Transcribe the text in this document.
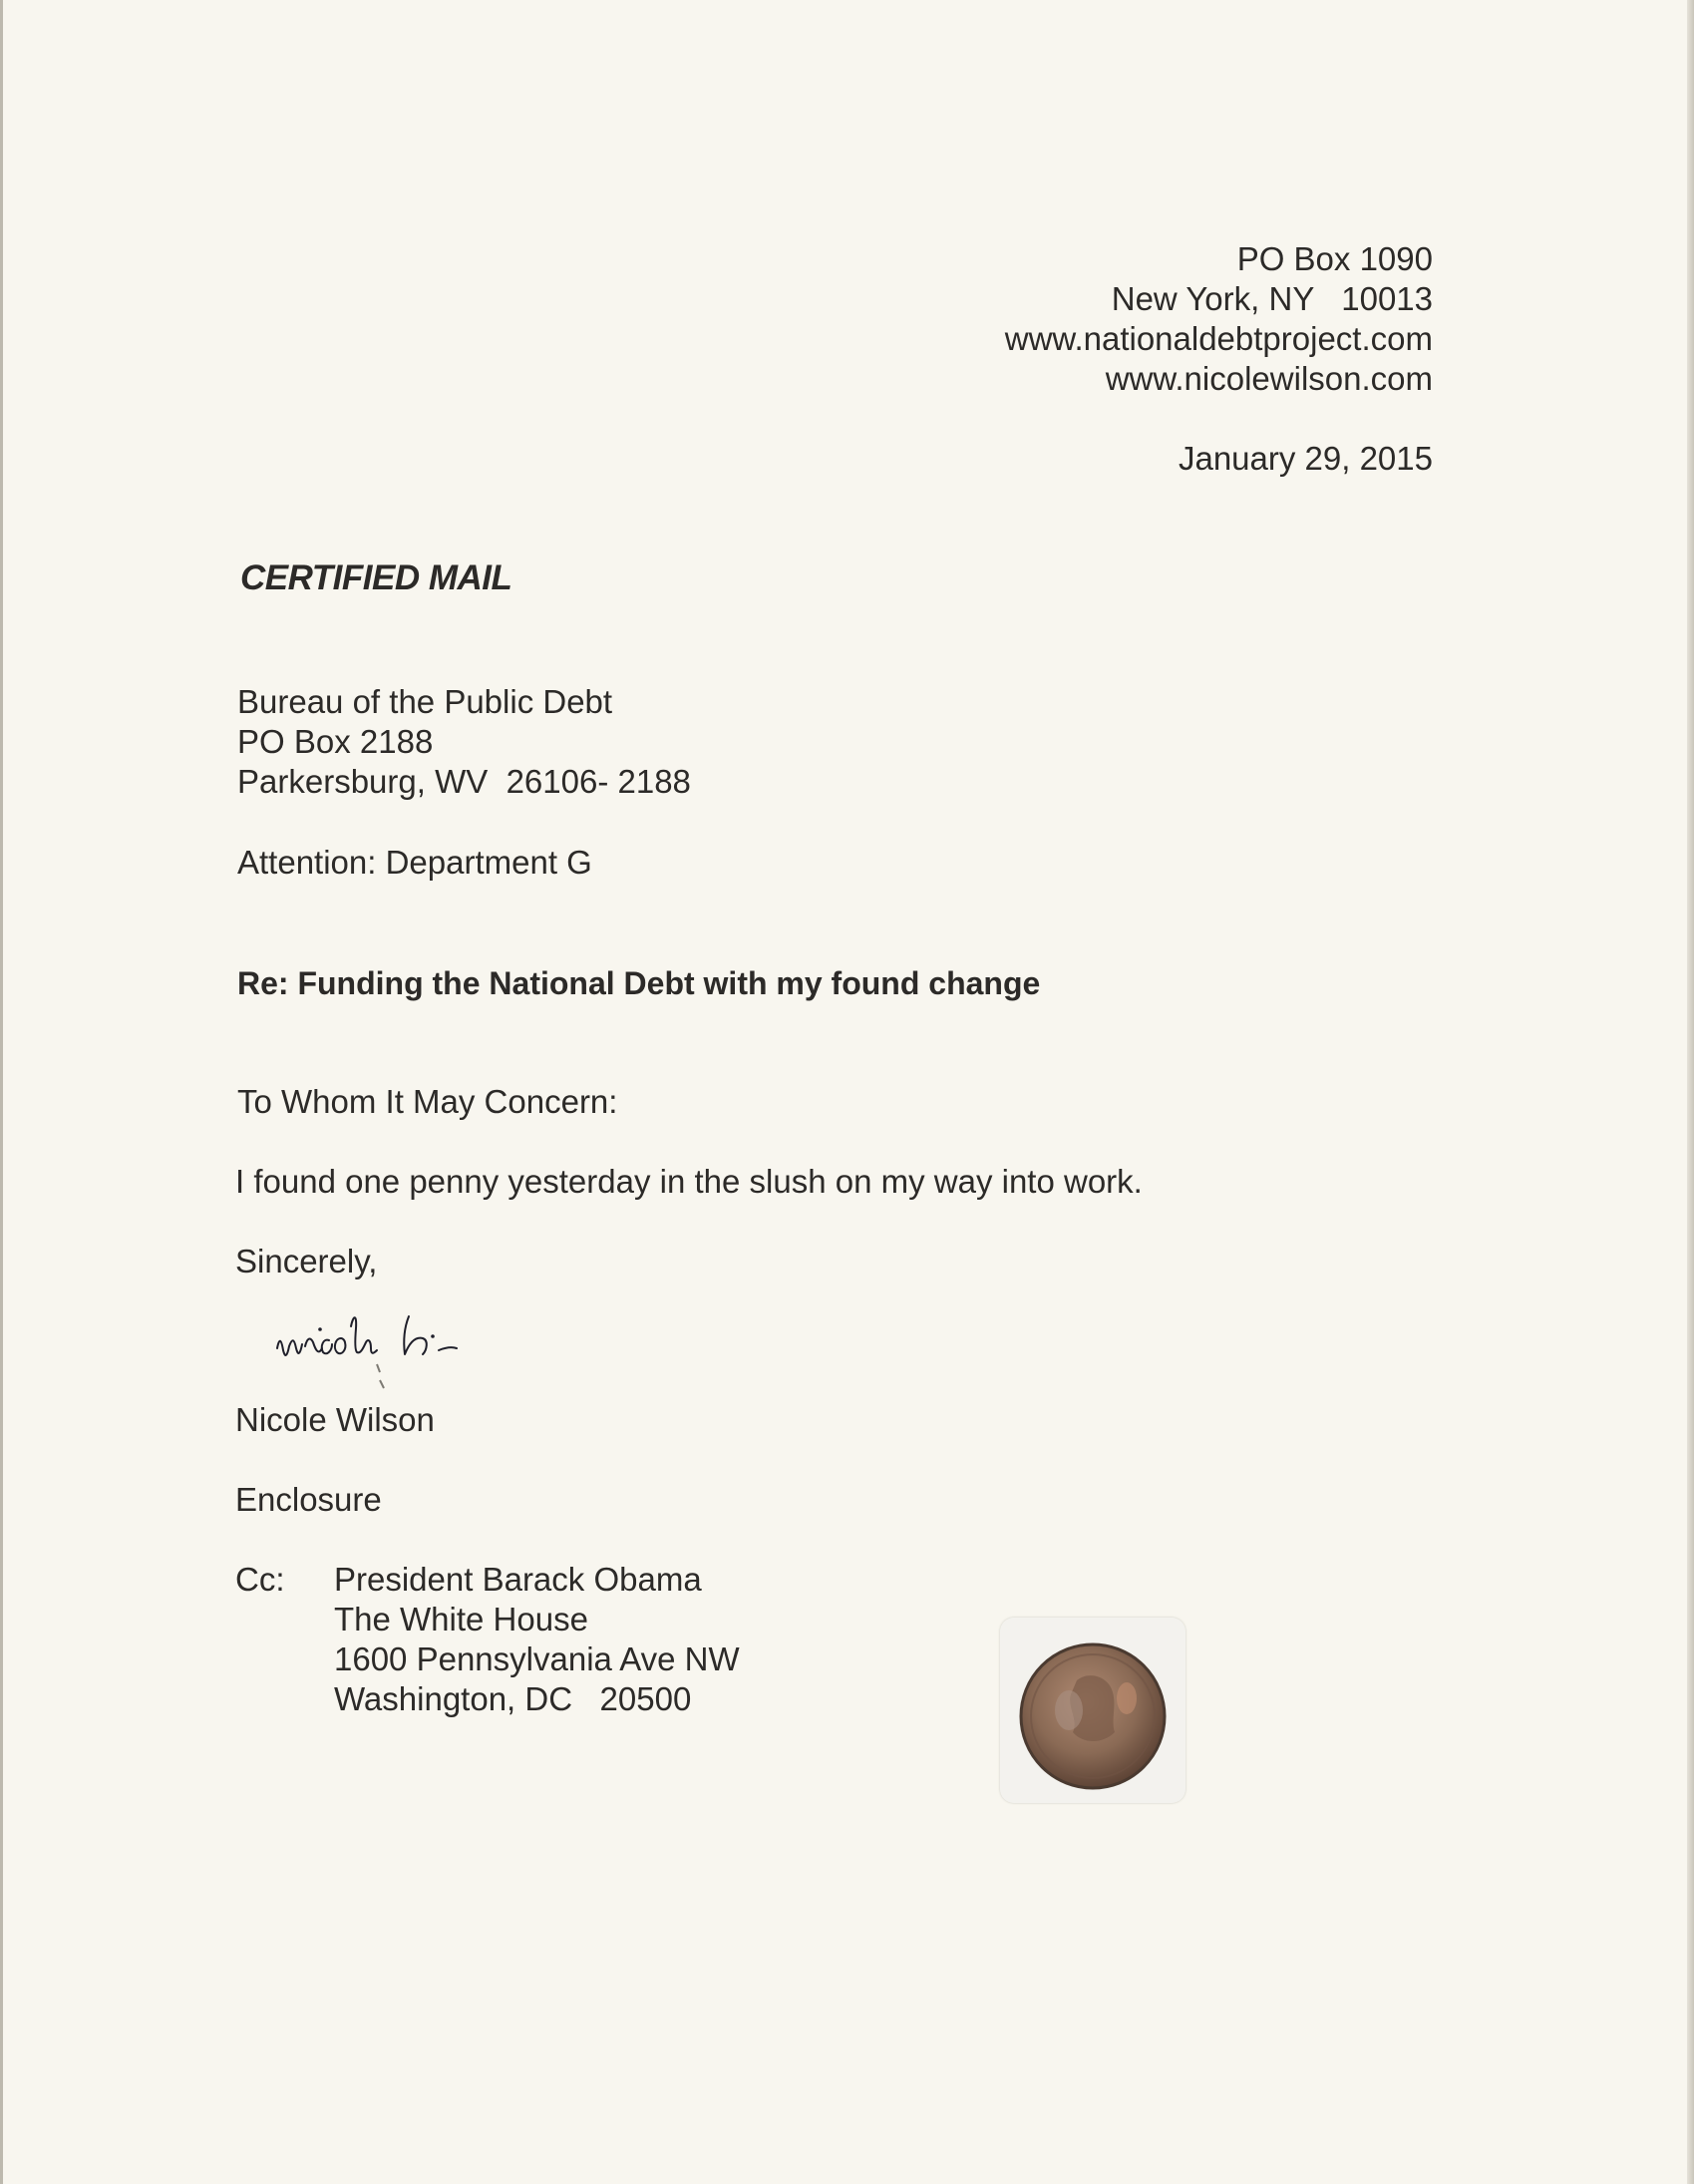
PO Box 1090
New York, NY   10013
www.nationaldebtproject.com
www.nicolewilson.com
January 29, 2015
CERTIFIED MAIL
Bureau of the Public Debt
PO Box 2188
Parkersburg, WV  26106- 2188
Attention: Department G
Re: Funding the National Debt with my found change
To Whom It May Concern:
I found one penny yesterday in the slush on my way into work.
Sincerely,
Nicole Wilson
Enclosure
Cc: President Barack Obama
The White House
1600 Pennsylvania Ave NW
Washington, DC   20500
